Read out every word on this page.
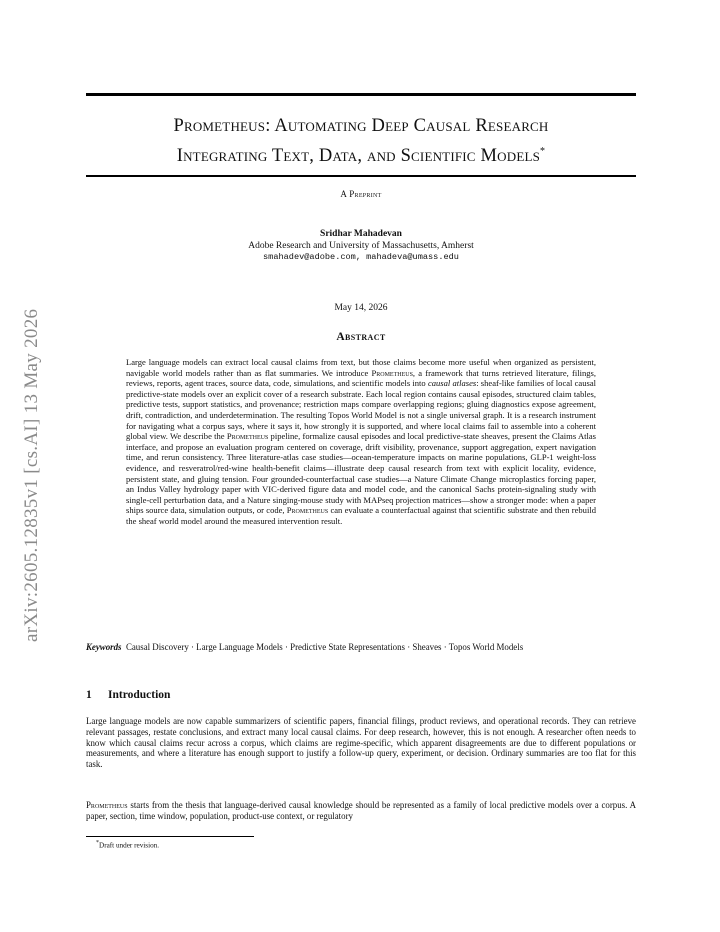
arXiv:2605.12835v1 [cs.AI] 13 May 2026
Prometheus: Automating Deep Causal Research
Integrating Text, Data, and Scientific Models*
A Preprint
Sridhar Mahadevan
Adobe Research and University of Massachusetts, Amherst
smahadev@adobe.com, mahadeva@umass.edu
May 14, 2026
Abstract
Large language models can extract local causal claims from text, but those claims become more useful when organized as persistent, navigable world models rather than as flat summaries. We introduce Prometheus, a framework that turns retrieved literature, filings, reviews, reports, agent traces, source data, code, simulations, and scientific models into causal atlases: sheaf-like families of local causal predictive-state models over an explicit cover of a research substrate. Each local region contains causal episodes, structured claim tables, predictive tests, support statistics, and provenance; restriction maps compare overlapping regions; gluing diagnostics expose agreement, drift, contradiction, and underdetermination. The resulting Topos World Model is not a single universal graph. It is a research instrument for navigating what a corpus says, where it says it, how strongly it is supported, and where local claims fail to assemble into a coherent global view. We describe the Prometheus pipeline, formalize causal episodes and local predictive-state sheaves, present the Claims Atlas interface, and propose an evaluation program centered on coverage, drift visibility, provenance, support aggregation, expert navigation time, and rerun consistency. Three literature-atlas case studies—ocean-temperature impacts on marine populations, GLP-1 weight-loss evidence, and resveratrol/red-wine health-benefit claims—illustrate deep causal research from text with explicit locality, evidence, persistent state, and gluing tension. Four grounded-counterfactual case studies—a Nature Climate Change microplastics forcing paper, an Indus Valley hydrology paper with VIC-derived figure data and model code, and the canonical Sachs protein-signaling study with single-cell perturbation data, and a Nature singing-mouse study with MAPseq projection matrices—show a stronger mode: when a paper ships source data, simulation outputs, or code, Prometheus can evaluate a counterfactual against that scientific substrate and then rebuild the sheaf world model around the measured intervention result.
Keywords Causal Discovery · Large Language Models · Predictive State Representations · Sheaves · Topos World Models
1 Introduction
Large language models are now capable summarizers of scientific papers, financial filings, product reviews, and operational records. They can retrieve relevant passages, restate conclusions, and extract many local causal claims. For deep research, however, this is not enough. A researcher often needs to know which causal claims recur across a corpus, which claims are regime-specific, which apparent disagreements are due to different populations or measurements, and where a literature has enough support to justify a follow-up query, experiment, or decision. Ordinary summaries are too flat for this task.
Prometheus starts from the thesis that language-derived causal knowledge should be represented as a family of local predictive models over a corpus. A paper, section, time window, population, product-use context, or regulatory
*Draft under revision.
